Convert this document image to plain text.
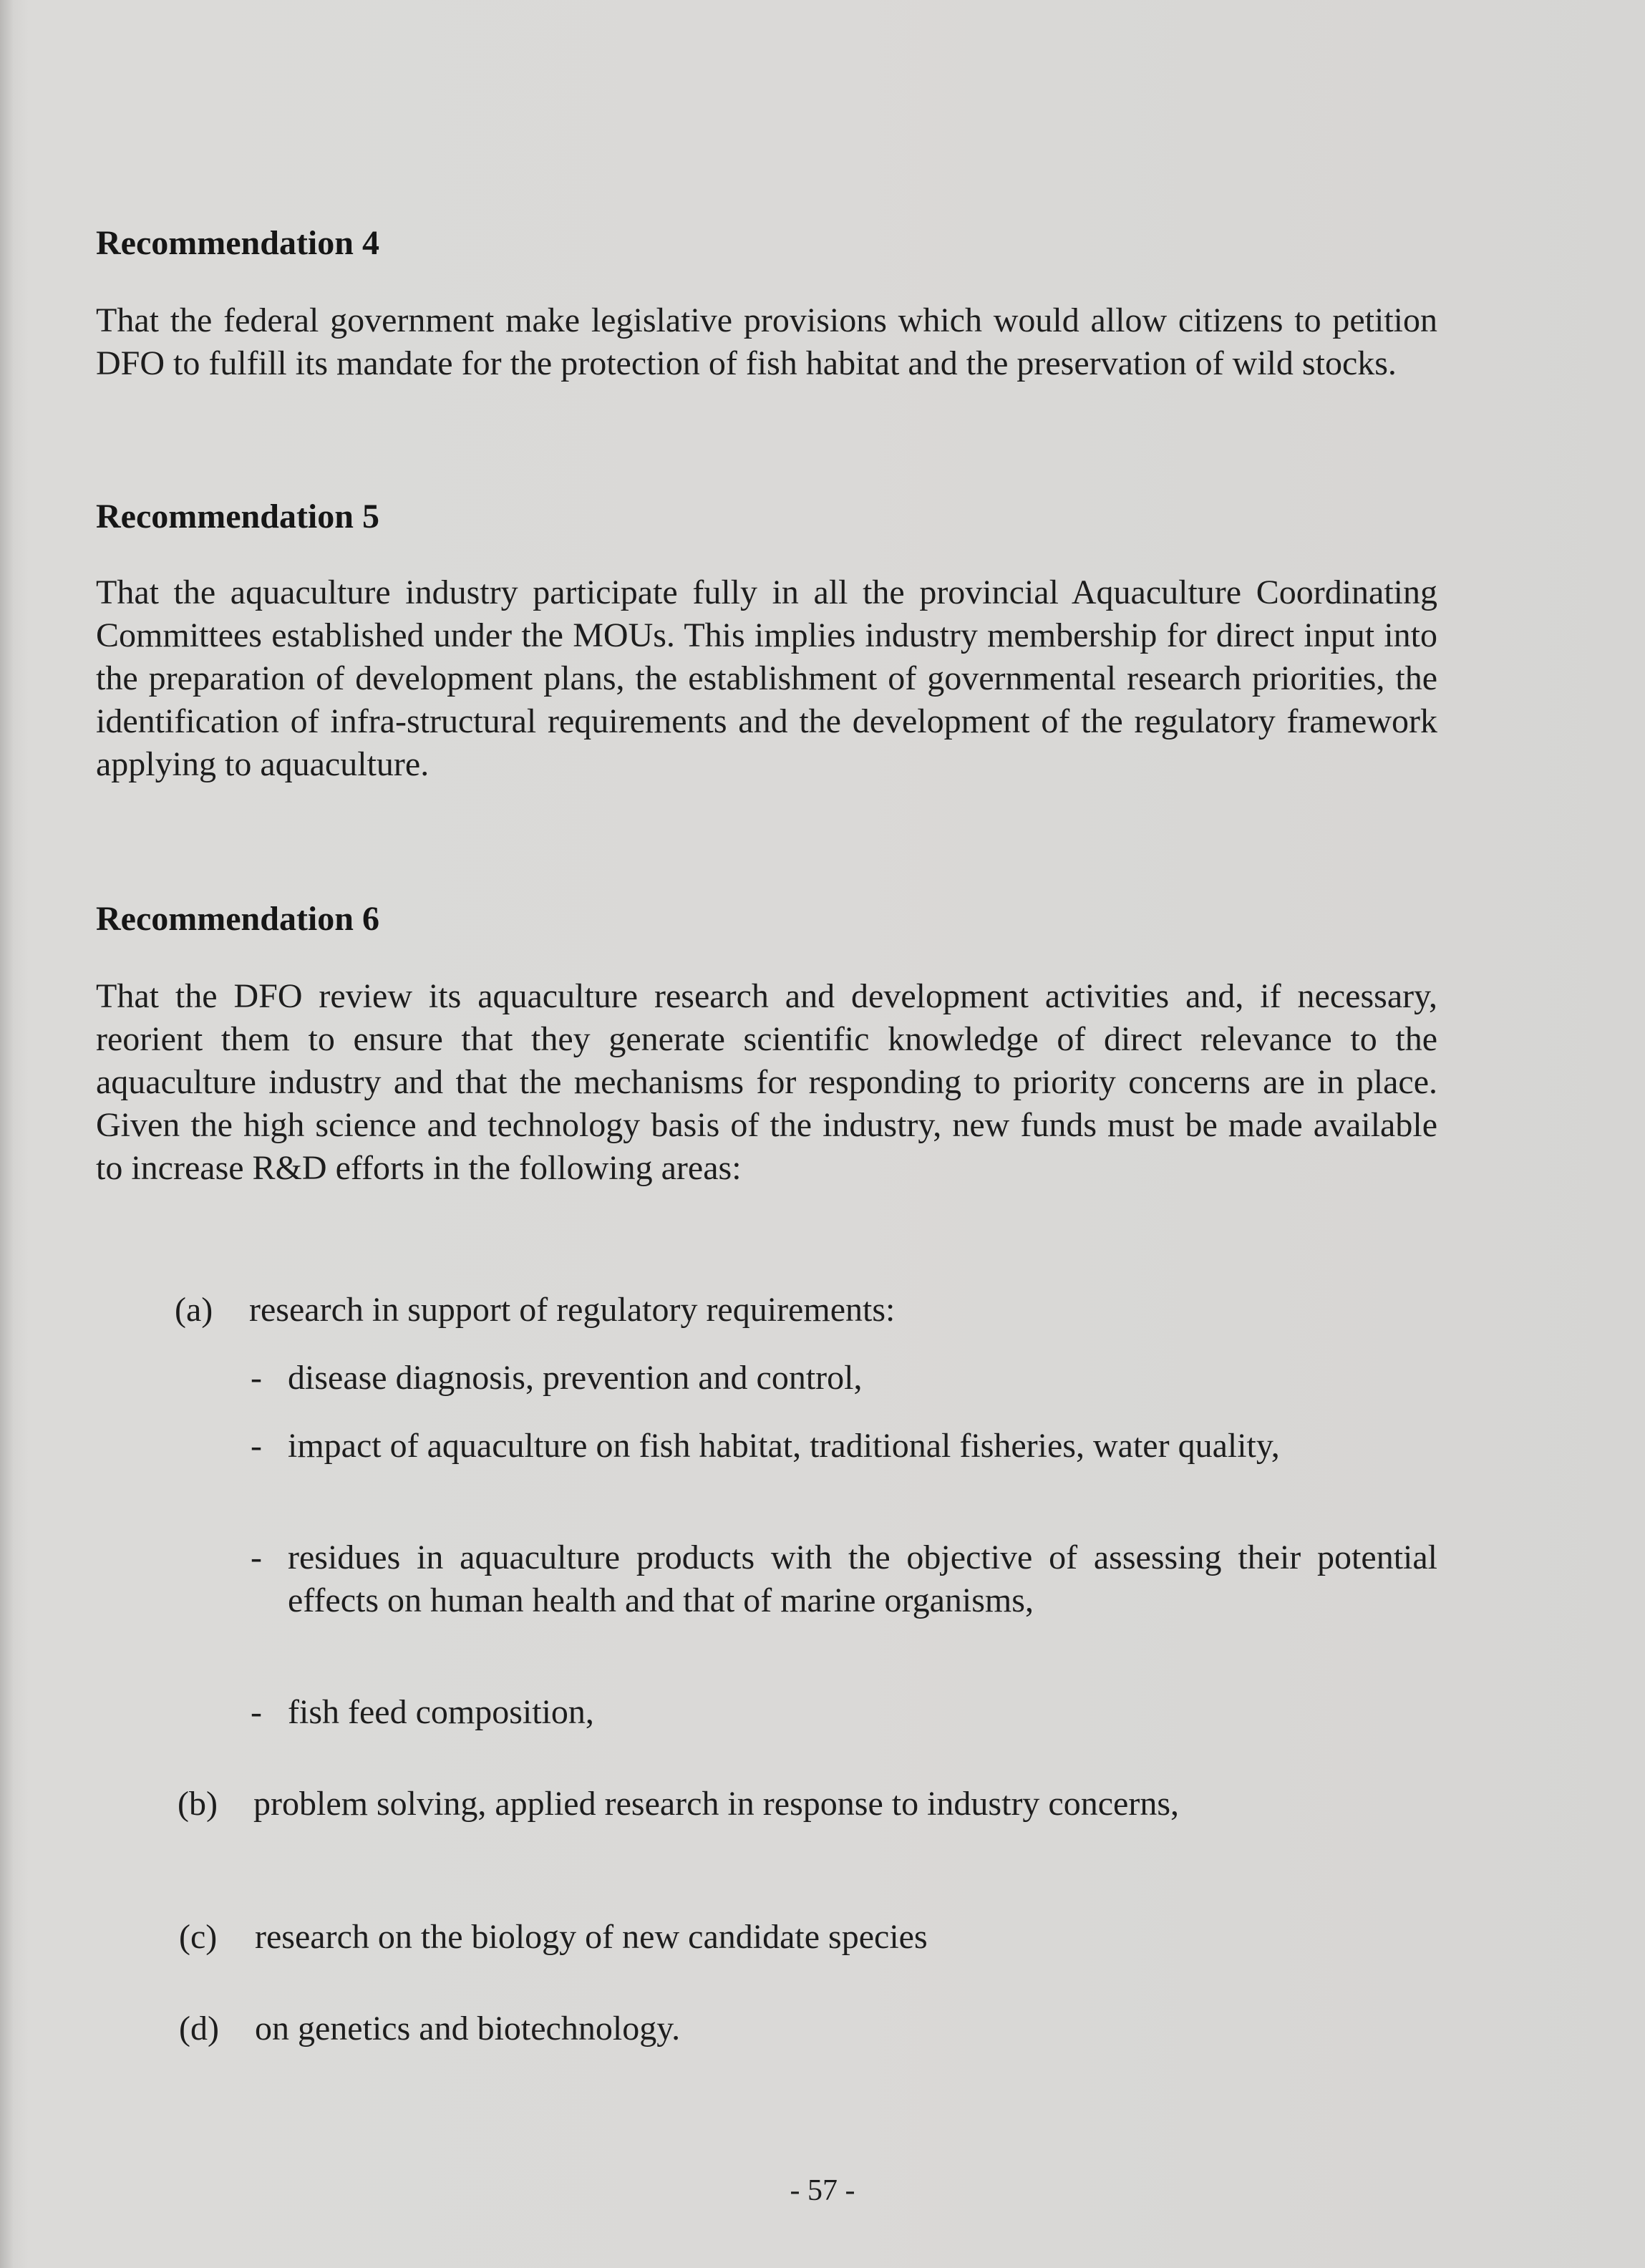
Recommendation 4

That the federal government make legislative provisions which would allow citizens to petition DFO to fulfill its mandate for the protection of fish habitat and the preservation of wild stocks.

Recommendation 5

That the aquaculture industry participate fully in all the provincial Aquaculture Coordinating Committees established under the MOUs. This implies industry membership for direct input into the preparation of development plans, the establishment of governmental research priorities, the identification of infra-structural requirements and the development of the regulatory framework applying to aquaculture.

Recommendation 6

That the DFO review its aquaculture research and development activities and, if necessary, reorient them to ensure that they generate scientific knowledge of direct relevance to the aquaculture industry and that the mechanisms for responding to priority concerns are in place. Given the high science and technology basis of the industry, new funds must be made available to increase R&D efforts in the following areas:

(a) research in support of regulatory requirements:
- disease diagnosis, prevention and control,
- impact of aquaculture on fish habitat, traditional fisheries, water quality,
- residues in aquaculture products with the objective of assessing their potential effects on human health and that of marine organisms,
- fish feed composition,
(b) problem solving, applied research in response to industry concerns,
(c) research on the biology of new candidate species
(d) on genetics and biotechnology.
- 57 -
